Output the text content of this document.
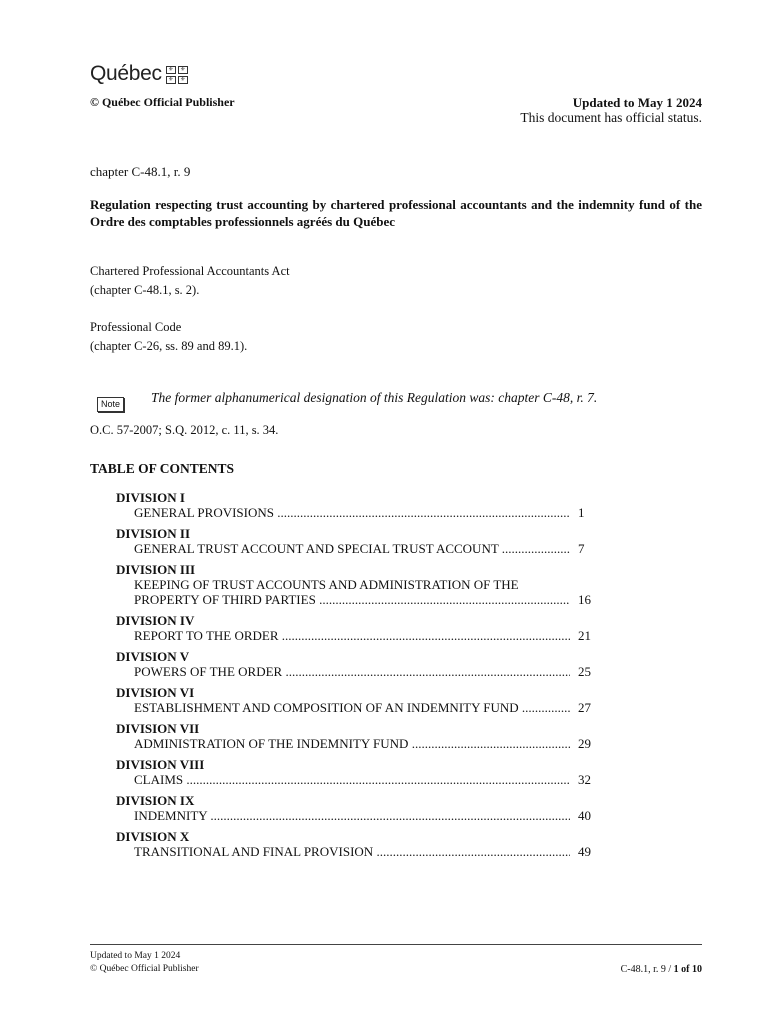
Québec	⚜	⚜
⚜	⚜
© Québec Official Publisher	Updated to May 1 2024
This document has official status.
chapter C-48.1, r. 9
Regulation respecting trust accounting by chartered professional accountants and the indemnity fund of the Ordre des comptables professionnels agréés du Québec
Chartered Professional Accountants Act
(chapter C-48.1, s. 2).
Professional Code
(chapter C-26, ss. 89 and 89.1).
Note The former alphanumerical designation of this Regulation was: chapter C-48, r. 7.
O.C. 57-2007; S.Q. 2012, c. 11, s. 34.
TABLE OF CONTENTS
DIVISION I
GENERAL PROVISIONS .....	1
DIVISION II
GENERAL TRUST ACCOUNT AND SPECIAL TRUST ACCOUNT .....	7
DIVISION III
KEEPING OF TRUST ACCOUNTS AND ADMINISTRATION OF THE
PROPERTY OF THIRD PARTIES .....	16
DIVISION IV
REPORT TO THE ORDER .....	21
DIVISION V
POWERS OF THE ORDER .....	25
DIVISION VI
ESTABLISHMENT AND COMPOSITION OF AN INDEMNITY FUND .....	27
DIVISION VII
ADMINISTRATION OF THE INDEMNITY FUND .....	29
DIVISION VIII
CLAIMS .....	32
DIVISION IX
INDEMNITY .....	40
DIVISION X
TRANSITIONAL AND FINAL PROVISION .....	49
Updated to May 1 2024
© Québec Official Publisher	C-48.1, r. 9 / 1 of 10
